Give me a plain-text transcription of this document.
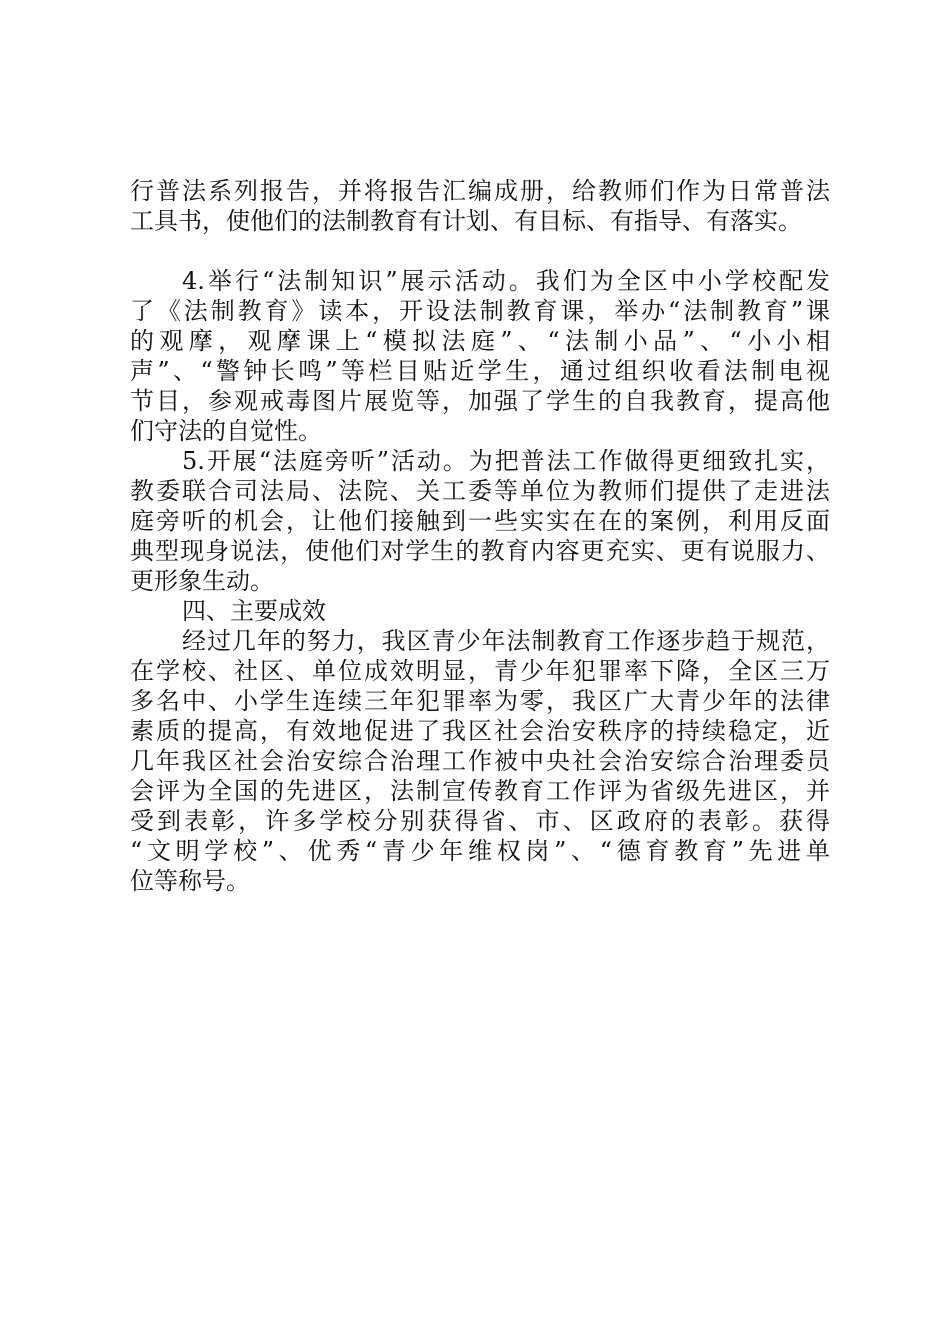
行普法系列报告，并将报告汇编成册，给教师们作为日常普法
工具书，使他们的法制教育有计划、有目标、有指导、有落实。
4.举行“法制知识”展示活动。我们为全区中小学校配发
了《法制教育》读本，开设法制教育课，举办“法制教育”课
的观摩，观摩课上“模拟法庭”、“法制小品”、“小小相
声”、“警钟长鸣”等栏目贴近学生，通过组织收看法制电视
节目，参观戒毒图片展览等，加强了学生的自我教育，提高他
们守法的自觉性。
5.开展“法庭旁听”活动。为把普法工作做得更细致扎实，
教委联合司法局、法院、关工委等单位为教师们提供了走进法
庭旁听的机会，让他们接触到一些实实在在的案例，利用反面
典型现身说法，使他们对学生的教育内容更充实、更有说服力、
更形象生动。
四、主要成效
经过几年的努力，我区青少年法制教育工作逐步趋于规范，
在学校、社区、单位成效明显，青少年犯罪率下降，全区三万
多名中、小学生连续三年犯罪率为零，我区广大青少年的法律
素质的提高，有效地促进了我区社会治安秩序的持续稳定，近
几年我区社会治安综合治理工作被中央社会治安综合治理委员
会评为全国的先进区，法制宣传教育工作评为省级先进区，并
受到表彰，许多学校分别获得省、市、区政府的表彰。获得
“文明学校”、优秀“青少年维权岗”、“德育教育”先进单
位等称号。
